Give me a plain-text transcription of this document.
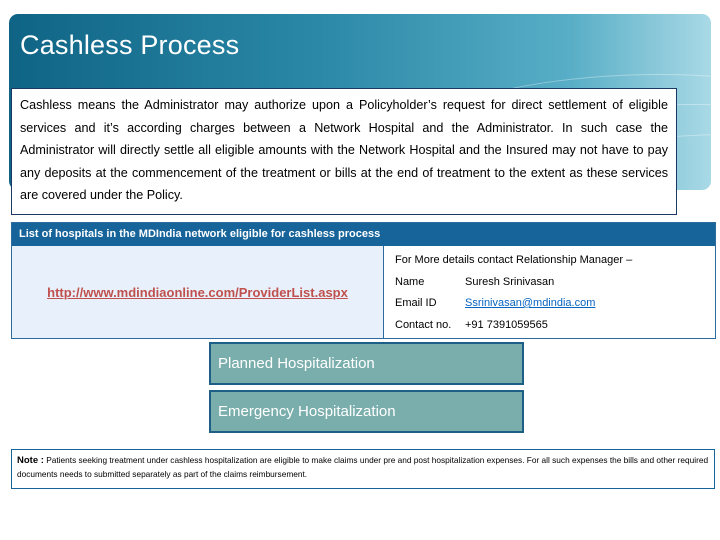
Cashless Process
Cashless means the Administrator may authorize upon a Policyholder’s request for direct settlement of eligible services and it’s according charges between a Network Hospital and the Administrator. In such case the Administrator will directly settle all eligible amounts with the Network Hospital and the Insured may not have to pay any deposits at the commencement of the treatment or bills at the end of treatment to the extent as these services are covered under the Policy.
List of hospitals in the MDIndia network eligible for cashless process
http://www.mdindiaonline.com/ProviderList.aspx
For More details contact Relationship Manager –
Name	Suresh Srinivasan
Email ID	Ssrinivasan@mdindia.com
Contact no.	+91 7391059565
Planned Hospitalization
Emergency Hospitalization
Note : Patients seeking treatment under cashless hospitalization are eligible to make claims under pre and post hospitalization expenses. For all such expenses the bills and other required documents needs to submitted separately as part of the claims reimbursement.
